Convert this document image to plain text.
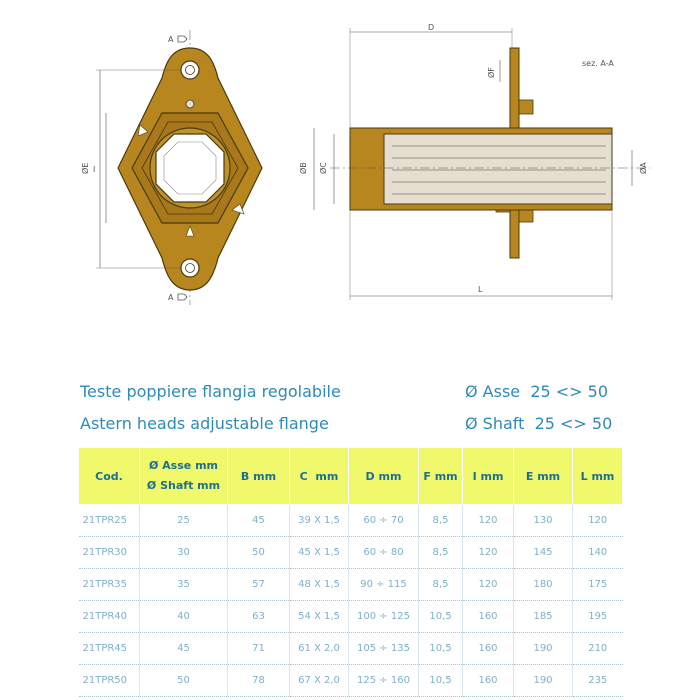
A
A
ØE I
sez. A-A
D
ØF
ØB ØC	ØA
L
Teste poppiere flangia regolabile	Ø Asse  25 <> 50
Astern heads adjustable flange	Ø Shaft  25 <> 50
Cod.	Ø Asse mm
Ø Shaft mm	B mm	C  mm	D mm	F mm	I mm	E mm	L mm
21TPR25	25	45	39 X 1,5	60 ÷ 70	8,5	120	130	120
21TPR30	30	50	45 X 1,5	60 ÷ 80	8,5	120	145	140
21TPR35	35	57	48 X 1,5	90 ÷ 115	8,5	120	180	175
21TPR40	40	63	54 X 1,5	100 ÷ 125	10,5	160	185	195
21TPR45	45	71	61 X 2,0	105 ÷ 135	10,5	160	190	210
21TPR50	50	78	67 X 2,0	125 ÷ 160	10,5	160	190	235
